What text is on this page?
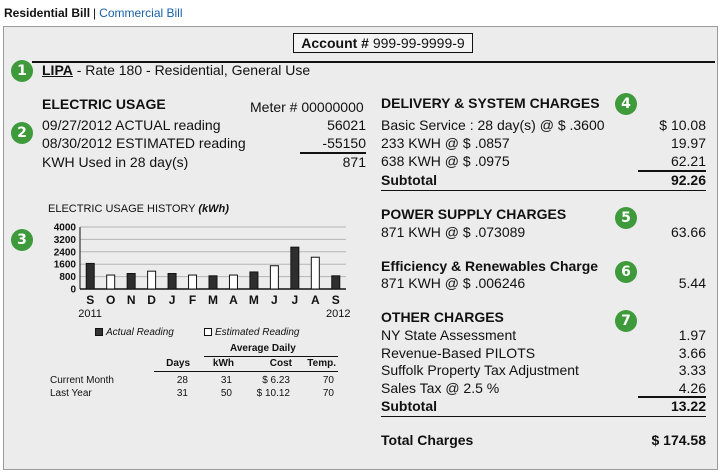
Residential Bill | Commercial Bill
Account # 999-99-9999-9
1
2
3
4
5
6
7
LIPA - Rate 180 - Residential, General Use
ELECTRIC USAGE	Meter # 00000000
09/27/2012 ACTUAL reading	56021
08/30/2012 ESTIMATED reading	-55150
KWH Used in 28 day(s)	871
ELECTRIC USAGE HISTORY (kWh)
4000
3200
2400
1600
800
0
S O N D J F M A M J J A S
2011	2012
Actual Reading	Estimated Reading
Average Daily
Days	kWh	Cost	Temp.
Current Month	28	31	$ 6.23	70
Last Year	31	50	$ 10.12	70
DELIVERY & SYSTEM CHARGES
Basic Service : 28 day(s) @ $ .3600	$ 10.08
233 KWH @ $ .0857	19.97
638 KWH @ $ .0975	62.21
Subtotal	92.26
POWER SUPPLY CHARGES
871 KWH @ $ .073089	63.66
Efficiency & Renewables Charge
871 KWH @ $ .006246	5.44
OTHER CHARGES
NY State Assessment	1.97
Revenue-Based PILOTS	3.66
Suffolk Property Tax Adjustment	3.33
Sales Tax @ 2.5 %	4.26
Subtotal	13.22
Total Charges	$ 174.58
